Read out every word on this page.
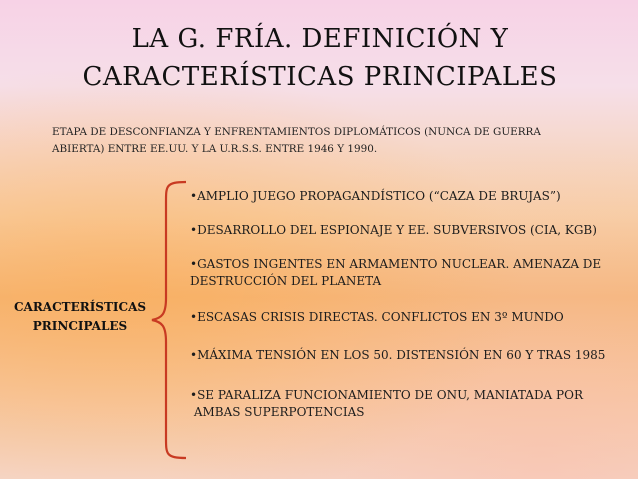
LA G. FRÍA. DEFINICIÓN Y
CARACTERÍSTICAS PRINCIPALES
ETAPA DE DESCONFIANZA Y ENFRENTAMIENTOS DIPLOMÁTICOS (NUNCA DE GUERRA
ABIERTA) ENTRE EE.UU. Y LA U.R.S.S. ENTRE 1946 Y 1990.
CARACTERÍSTICAS
PRINCIPALES
•AMPLIO JUEGO PROPAGANDÍSTICO (“CAZA DE BRUJAS”)
•DESARROLLO DEL ESPIONAJE Y EE. SUBVERSIVOS (CIA, KGB)
•GASTOS INGENTES EN ARMAMENTO NUCLEAR. AMENAZA DE
DESTRUCCIÓN DEL PLANETA
•ESCASAS CRISIS DIRECTAS. CONFLICTOS EN 3º MUNDO
•MÁXIMA TENSIÓN EN LOS 50. DISTENSIÓN EN 60 Y TRAS 1985
•SE PARALIZA FUNCIONAMIENTO DE ONU, MANIATADA POR
AMBAS SUPERPOTENCIAS
